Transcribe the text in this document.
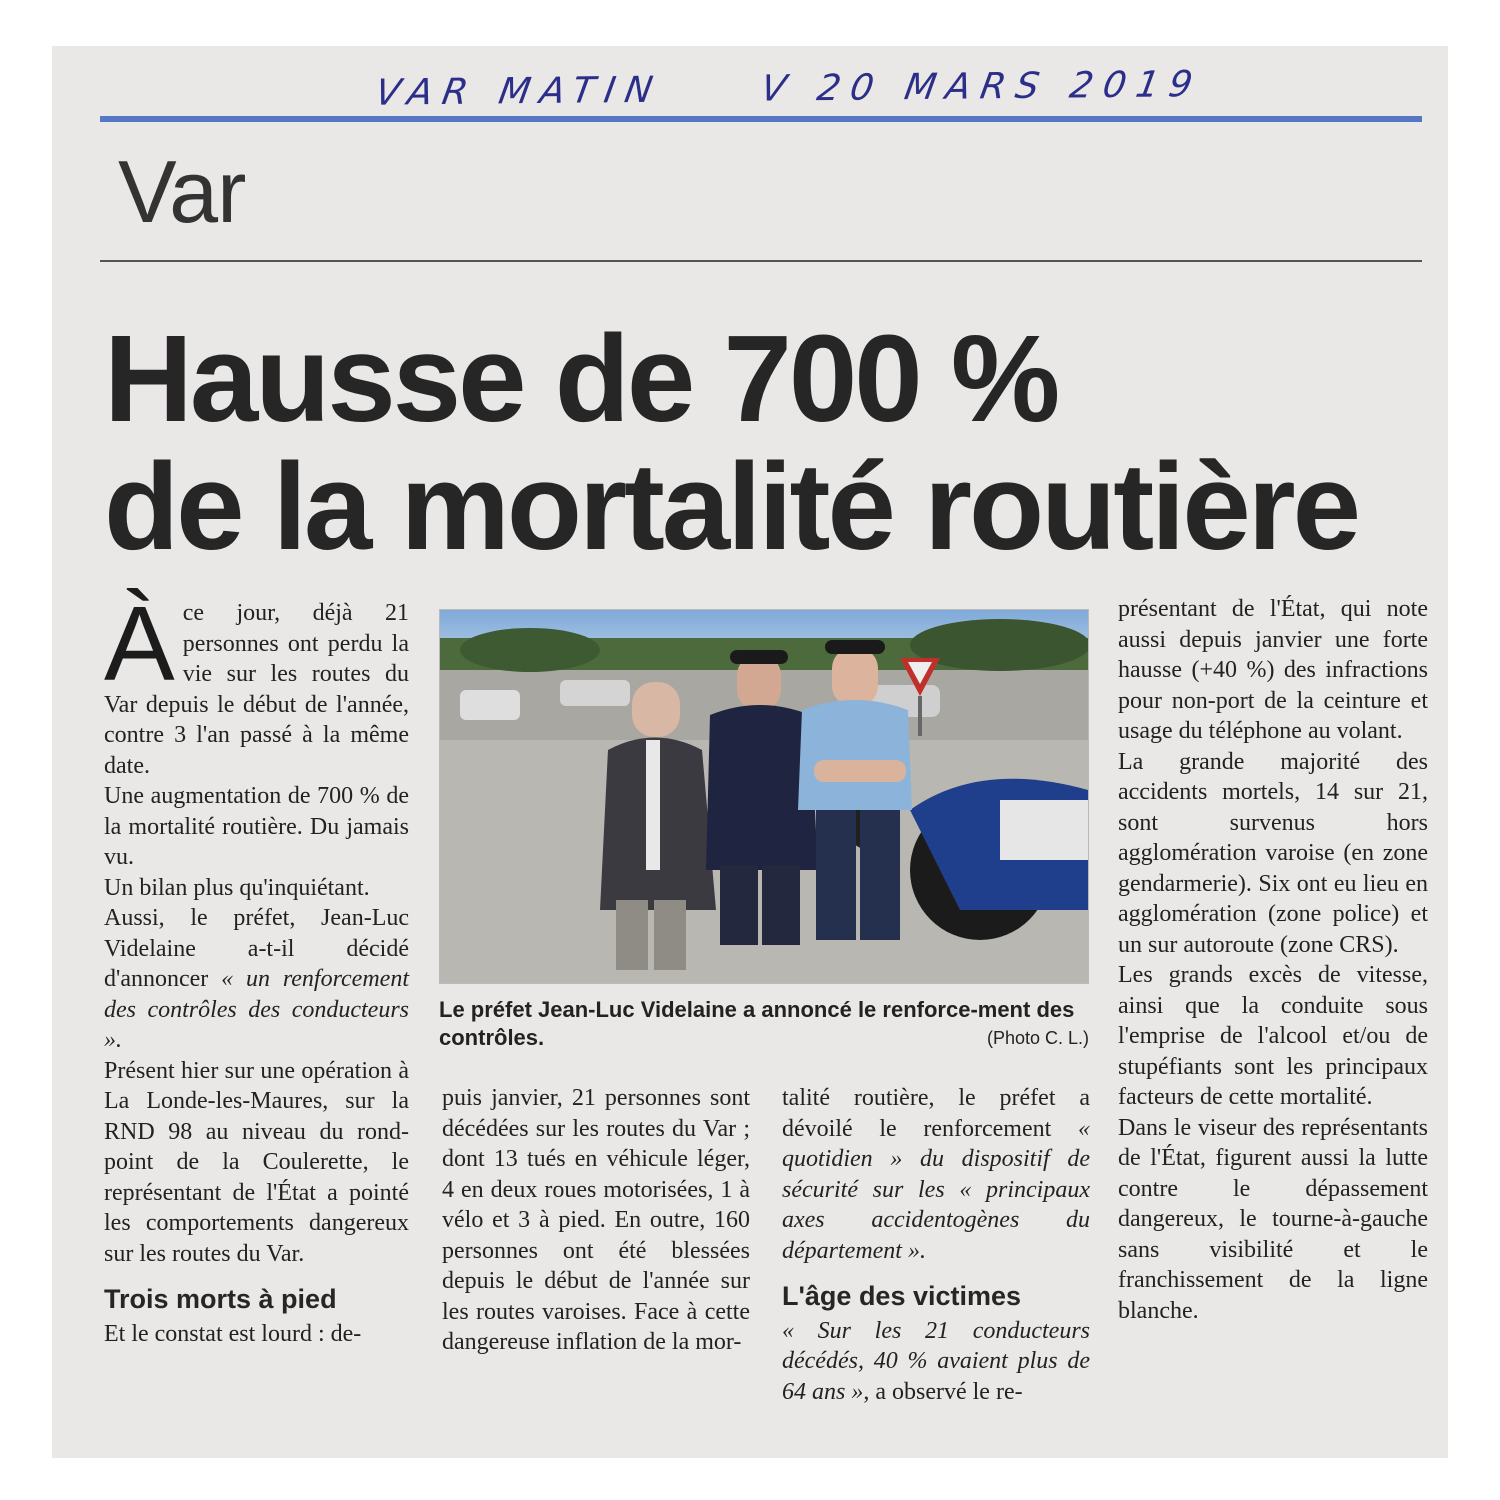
VAR MATIN	V 20 MARS 2019
Var
Hausse de 700 %
de la mortalité routière

À ce jour, déjà 21 personnes ont perdu la vie sur les routes du Var depuis le début de l'année, contre 3 l'an passé à la même date.

Une augmentation de 700 % de la mortalité routière. Du jamais vu.

Un bilan plus qu'inquiétant.

Aussi, le préfet, Jean-Luc Videlaine a-t-il décidé d'annoncer « un renforcement des contrôles des conducteurs ».

Présent hier sur une opération à La Londe-les-Maures, sur la RND 98 au niveau du rond-point de la Coulerette, le représentant de l'État a pointé les comportements dangereux sur les routes du Var.

Trois morts à pied

Et le constat est lourd : de-

Le préfet Jean-Luc Videlaine a annoncé le renforce-ment des contrôles.	(Photo C. L.)

puis janvier, 21 personnes sont décédées sur les routes du Var ; dont 13 tués en véhicule léger, 4 en deux roues motorisées, 1 à vélo et 3 à pied. En outre, 160 personnes ont été blessées depuis le début de l'année sur les routes varoises. Face à cette dangereuse inflation de la mor-

talité routière, le préfet a dévoilé le renforcement « quotidien » du dispositif de sécurité sur les « principaux axes accidentogènes du département ».

L'âge des victimes

« Sur les 21 conducteurs décédés, 40 % avaient plus de 64 ans », a observé le re-

présentant de l'État, qui note aussi depuis janvier une forte hausse (+40 %) des infractions pour non-port de la ceinture et usage du téléphone au volant.

La grande majorité des accidents mortels, 14 sur 21, sont survenus hors agglomération varoise (en zone gendarmerie). Six ont eu lieu en agglomération (zone police) et un sur autoroute (zone CRS).

Les grands excès de vitesse, ainsi que la conduite sous l'emprise de l'alcool et/ou de stupéfiants sont les principaux facteurs de cette mortalité.

Dans le viseur des représentants de l'État, figurent aussi la lutte contre le dépassement dangereux, le tourne-à-gauche sans visibilité et le franchissement de la ligne blanche.
